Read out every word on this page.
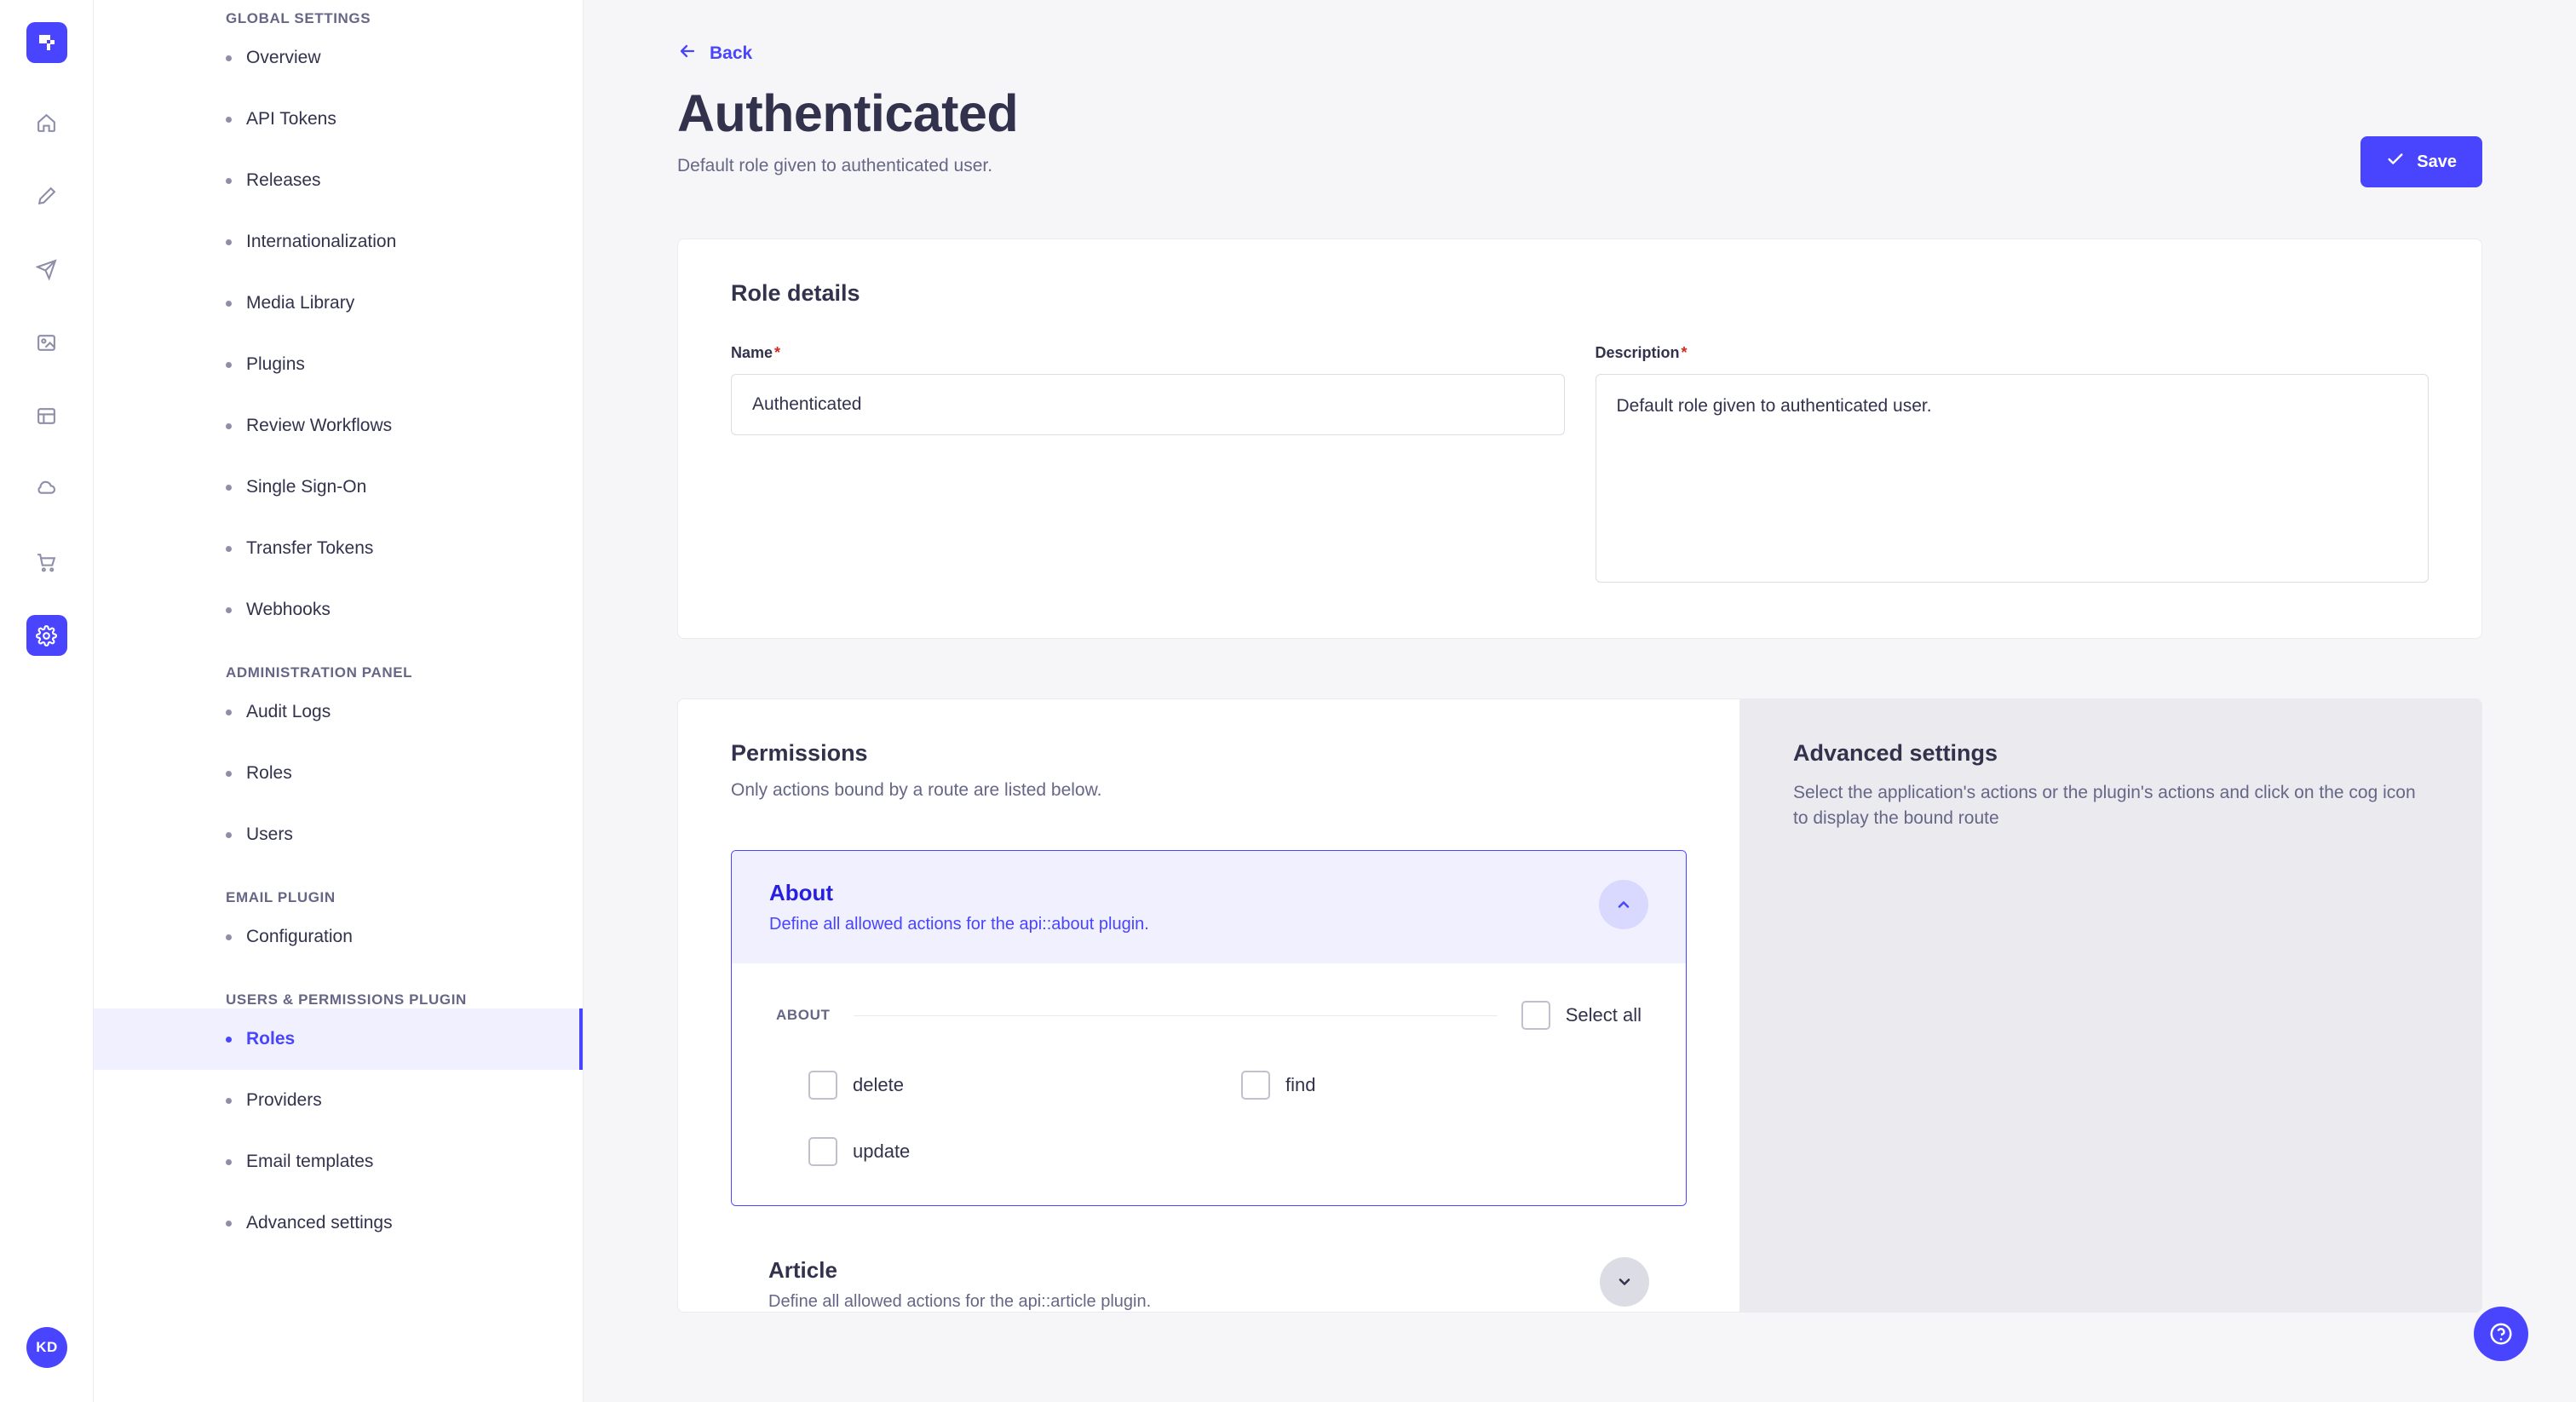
KD
GLOBAL SETTINGS
Overview
API Tokens
Releases
Internationalization
Media Library
Plugins
Review Workflows
Single Sign-On
Transfer Tokens
Webhooks
ADMINISTRATION PANEL
Audit Logs
Roles
Users
EMAIL PLUGIN
Configuration
USERS & PERMISSIONS PLUGIN
Roles
Providers
Email templates
Advanced settings
Back
Authenticated
Default role given to authenticated user.	Save
Role details
Name *
Authenticated	Description *
Default role given to authenticated user.
Permissions
Only actions bound by a route are listed below.
About
Define all allowed actions for the api::about plugin.
ABOUT	Select all
delete	find
update
Article
Define all allowed actions for the api::article plugin.
Advanced settings
Select the application's actions or the plugin's actions and click on the cog icon to display the bound route
